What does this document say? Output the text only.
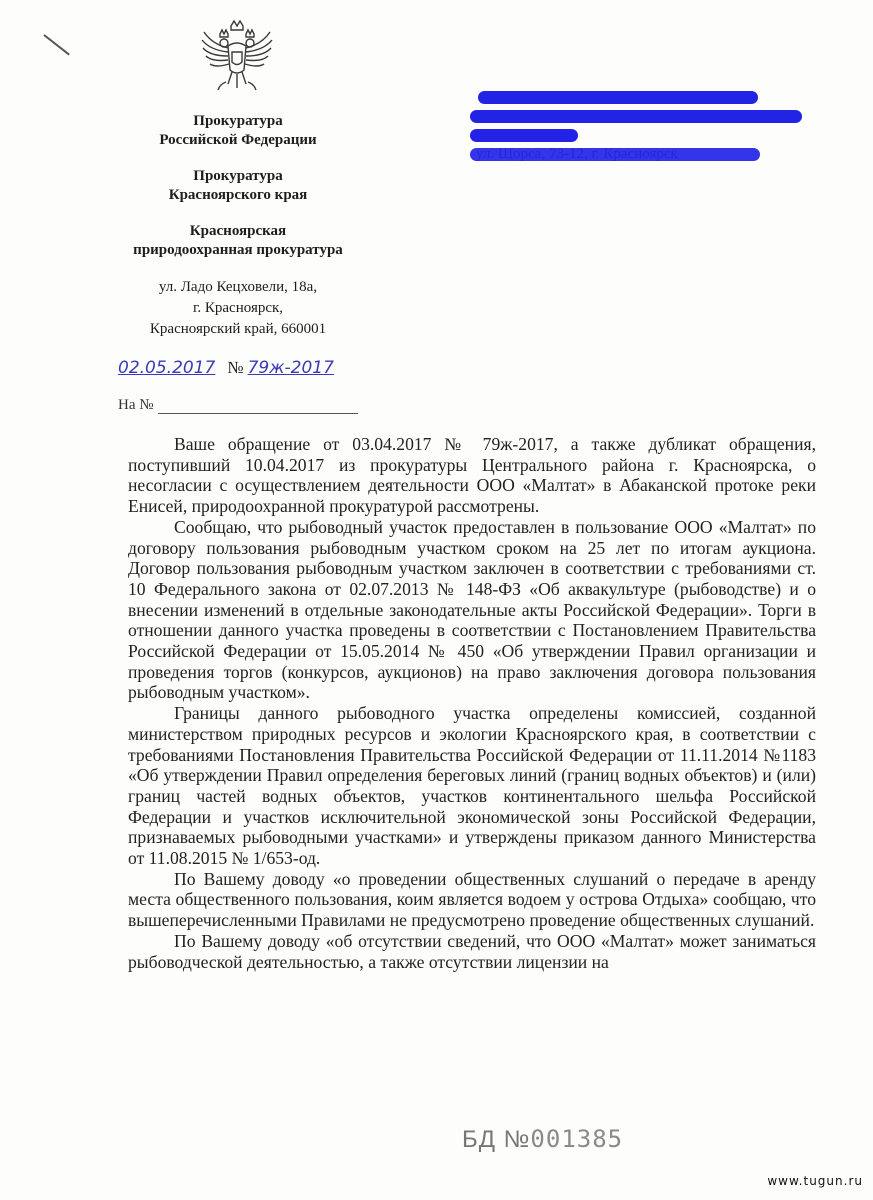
Прокуратура
Российской Федерации
Прокуратура
Красноярского края
Красноярская
природоохранная прокуратура
ул. Ладо Кецховели, 18а,
г. Красноярск,
Красноярский край, 660001
02.05.2017 № 79ж-2017
На №

Ваше обращение от 03.04.2017 № 79ж-2017, а также дубликат обращения, поступивший 10.04.2017 из прокуратуры Центрального района г. Красноярска, о несогласии с осуществлением деятельности ООО «Малтат» в Абаканской протоке реки Енисей, природоохранной прокуратурой рассмотрены.

Сообщаю, что рыбоводный участок предоставлен в пользование ООО «Малтат» по договору пользования рыбоводным участком сроком на 25 лет по итогам аукциона. Договор пользования рыбоводным участком заключен в соответствии с требованиями ст. 10 Федерального закона от 02.07.2013 № 148-ФЗ «Об аквакультуре (рыбоводстве) и о внесении изменений в отдельные законодательные акты Российской Федерации». Торги в отношении данного участка проведены в соответствии с Постановлением Правительства Российской Федерации от 15.05.2014 № 450 «Об утверждении Правил организации и проведения торгов (конкурсов, аукционов) на право заключения договора пользования рыбоводным участком».

Границы данного рыбоводного участка определены комиссией, созданной министерством природных ресурсов и экологии Красноярского края, в соответствии с требованиями Постановления Правительства Российской Федерации от 11.11.2014 №1183 «Об утверждении Правил определения береговых линий (границ водных объектов) и (или) границ частей водных объектов, участков континентального шельфа Российской Федерации и участков исключительной экономической зоны Российской Федерации, признаваемых рыбоводными участками» и утверждены приказом данного Министерства от 11.08.2015 № 1/653-од.

По Вашему доводу «о проведении общественных слушаний о передаче в аренду места общественного пользования, коим является водоем у острова Отдыха» сообщаю, что вышеперечисленными Правилами не предусмотрено проведение общественных слушаний.

По Вашему доводу «об отсутствии сведений, что ООО «Малтат» может заниматься рыбоводческой деятельностью, а также отсутствии лицензии на

БД №001385
www.tugun.ru
